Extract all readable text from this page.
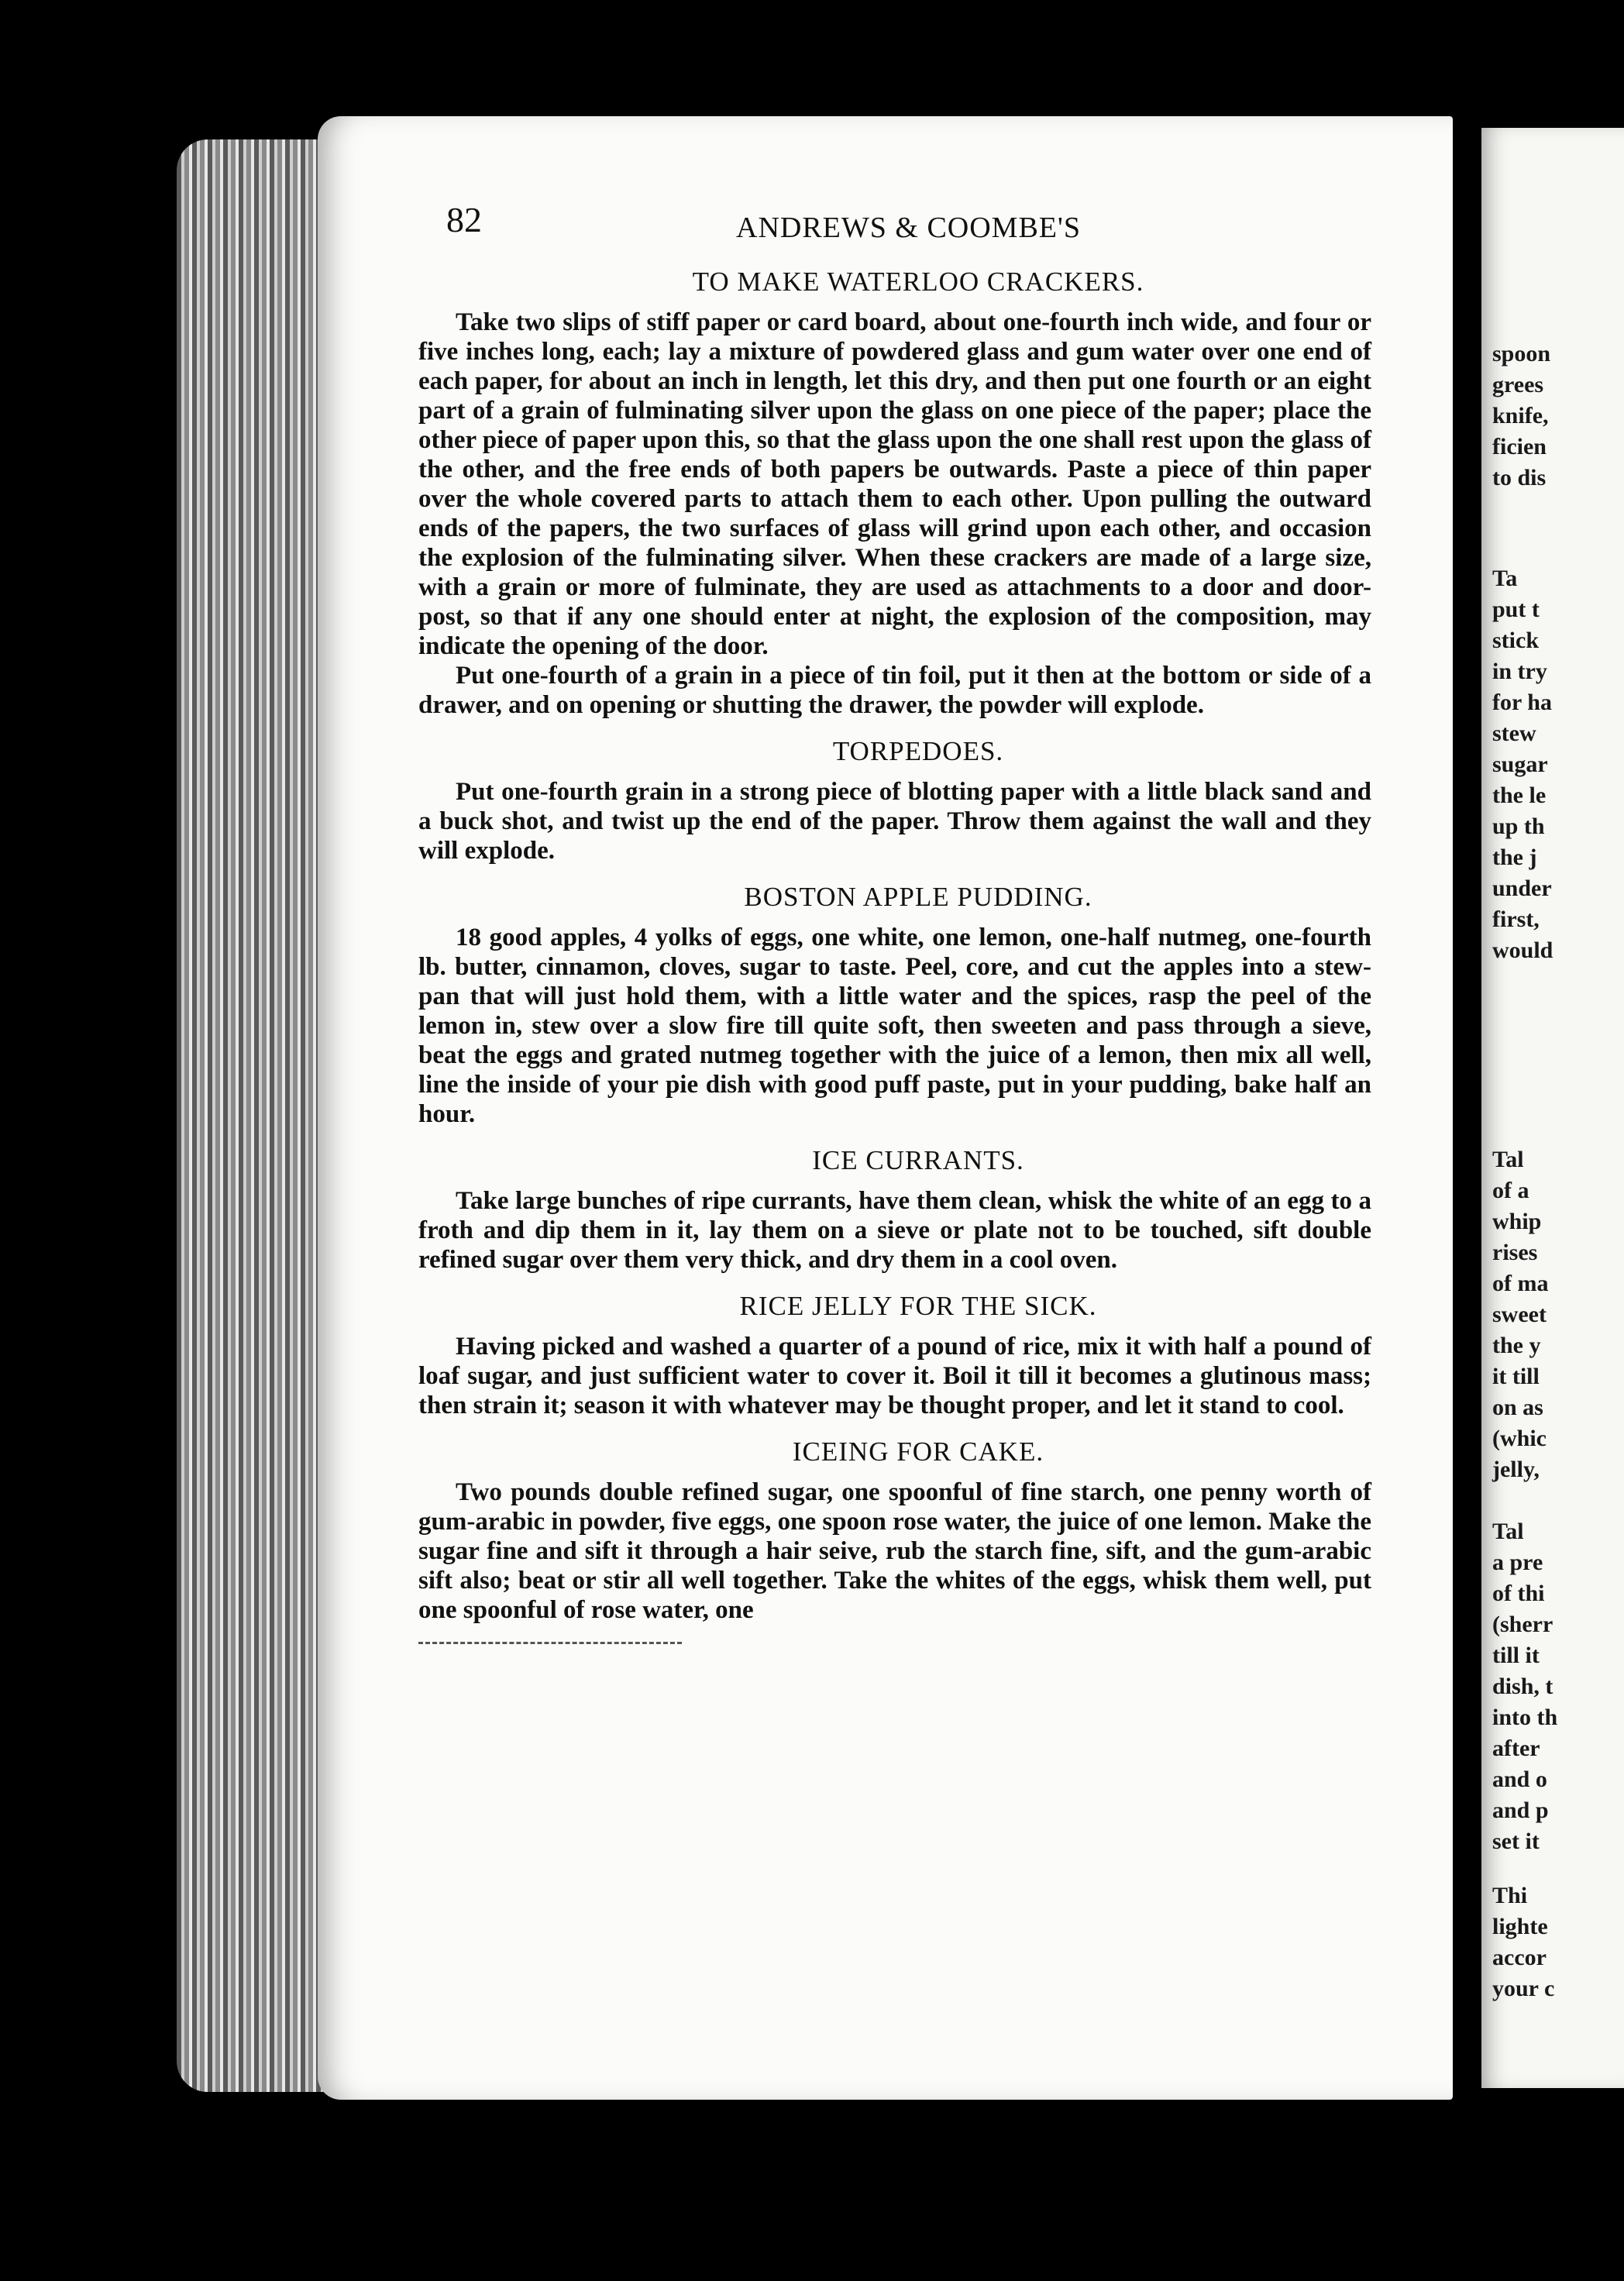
spoon
grees
knife,
ficien
to dis
Ta
put t
stick
in try
for ha
stew
sugar
the le
up th
the j
under
first,
would
Tal
of a
whip
rises
of ma
sweet
the y
it till
on as
(whic
jelly,
Tal
a pre
of thi
(sherr
till it
dish, t
into th
after
and o
and p
set it
Thi
lighte
accor
your c
82	ANDREWS & COOMBE'S
TO MAKE WATERLOO CRACKERS.

Take two slips of stiff paper or card board, about one-fourth inch wide, and four or five inches long, each; lay a mixture of powdered glass and gum water over one end of each paper, for about an inch in length, let this dry, and then put one fourth or an eight part of a grain of fulminating silver upon the glass on one piece of the paper; place the other piece of paper upon this, so that the glass upon the one shall rest upon the glass of the other, and the free ends of both papers be outwards. Paste a piece of thin paper over the whole covered parts to attach them to each other. Upon pulling the outward ends of the papers, the two surfaces of glass will grind upon each other, and occasion the explosion of the fulminating silver. When these crackers are made of a large size, with a grain or more of fulminate, they are used as attachments to a door and door-post, so that if any one should enter at night, the explosion of the composition, may indicate the opening of the door.

Put one-fourth of a grain in a piece of tin foil, put it then at the bottom or side of a drawer, and on opening or shutting the drawer, the powder will explode.

TORPEDOES.

Put one-fourth grain in a strong piece of blotting paper with a little black sand and a buck shot, and twist up the end of the paper. Throw them against the wall and they will explode.

BOSTON APPLE PUDDING.

18 good apples, 4 yolks of eggs, one white, one lemon, one-half nutmeg, one-fourth lb. butter, cinnamon, cloves, sugar to taste. Peel, core, and cut the apples into a stew-pan that will just hold them, with a little water and the spices, rasp the peel of the lemon in, stew over a slow fire till quite soft, then sweeten and pass through a sieve, beat the eggs and grated nutmeg together with the juice of a lemon, then mix all well, line the inside of your pie dish with good puff paste, put in your pudding, bake half an hour.

ICE CURRANTS.

Take large bunches of ripe currants, have them clean, whisk the white of an egg to a froth and dip them in it, lay them on a sieve or plate not to be touched, sift double refined sugar over them very thick, and dry them in a cool oven.

RICE JELLY FOR THE SICK.

Having picked and washed a quarter of a pound of rice, mix it with half a pound of loaf sugar, and just sufficient water to cover it. Boil it till it becomes a glutinous mass; then strain it; season it with whatever may be thought proper, and let it stand to cool.

ICEING FOR CAKE.

Two pounds double refined sugar, one spoonful of fine starch, one penny worth of gum-arabic in powder, five eggs, one spoon rose water, the juice of one lemon. Make the sugar fine and sift it through a hair seive, rub the starch fine, sift, and the gum-arabic sift also; beat or stir all well together. Take the whites of the eggs, whisk them well, put one spoonful of rose water, one
